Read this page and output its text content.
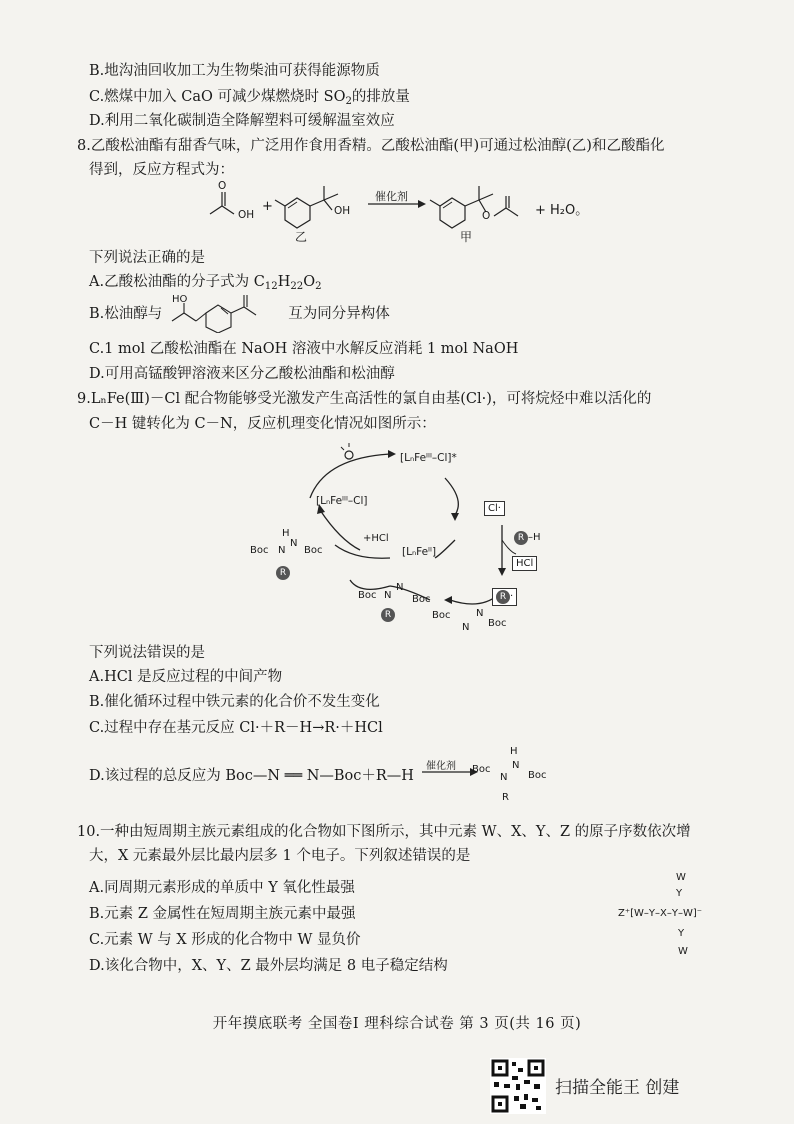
B.地沟油回收加工为生物柴油可获得能源物质
C.燃煤中加入 CaO 可减少煤燃烧时 $SO_2$的排放量
D.利用二氧化碳制造全降解塑料可缓解温室效应
8.乙酸松油酯有甜香气味，广泛用作食用香精。乙酸松油酯(甲)可通过松油醇(乙)和乙酸酯化
得到，反应方程式为：
O
OH
+	OH
乙
催化剂
O
甲
+ H₂O。
下列说法正确的是
A.乙酸松油酯的分子式为 $C_{12}H_{22}O_2$
B.松油醇与	互为同分异构体
HO
C.1 mol 乙酸松油酯在 NaOH 溶液中水解反应消耗 1 mol NaOH
D.可用高锰酸钾溶液来区分乙酸松油酯和松油醇
9.LₙFe(Ⅲ)－Cl 配合物能够受光激发产生高活性的氯自由基(Cl·)，可将烷烃中难以活化的
C－H 键转化为 C－N，反应机理变化情况如图所示：
[LₙFeᴵᴵᴵ–Cl]*
[LₙFeᴵᴵᴵ–Cl]
[LₙFeᴵᴵ]
+HCl
Cl·
R –H
HCl
R ·
H
Boc N
N
Boc
R
Boc N
N
Boc
R	Boc
N
N
Boc
下列说法错误的是
A.HCl 是反应过程的中间产物
B.催化循环过程中铁元素的化合价不发生变化
C.过程中存在基元反应 Cl·＋R－H→R·＋HCl
D.该过程的总反应为 Boc—N ══ N—Boc＋R—H
催化剂
H
Boc
N
N
Boc
R
10.一种由短周期主族元素组成的化合物如下图所示，其中元素 W、X、Y、Z 的原子序数依次增
大，X 元素最外层比最内层多 1 个电子。下列叙述错误的是
A.同周期元素形成的单质中 Y 氧化性最强
B.元素 Z 金属性在短周期主族元素中最强
C.元素 W 与 X 形成的化合物中 W 显负价
D.该化合物中，X、Y、Z 最外层均满足 8 电子稳定结构
W
Y
Z⁺[W–Y–X–Y–W]⁻
Y
W
开年摸底联考 全国卷Ⅰ 理科综合试卷 第 3 页(共 16 页)
扫描全能王 创建
